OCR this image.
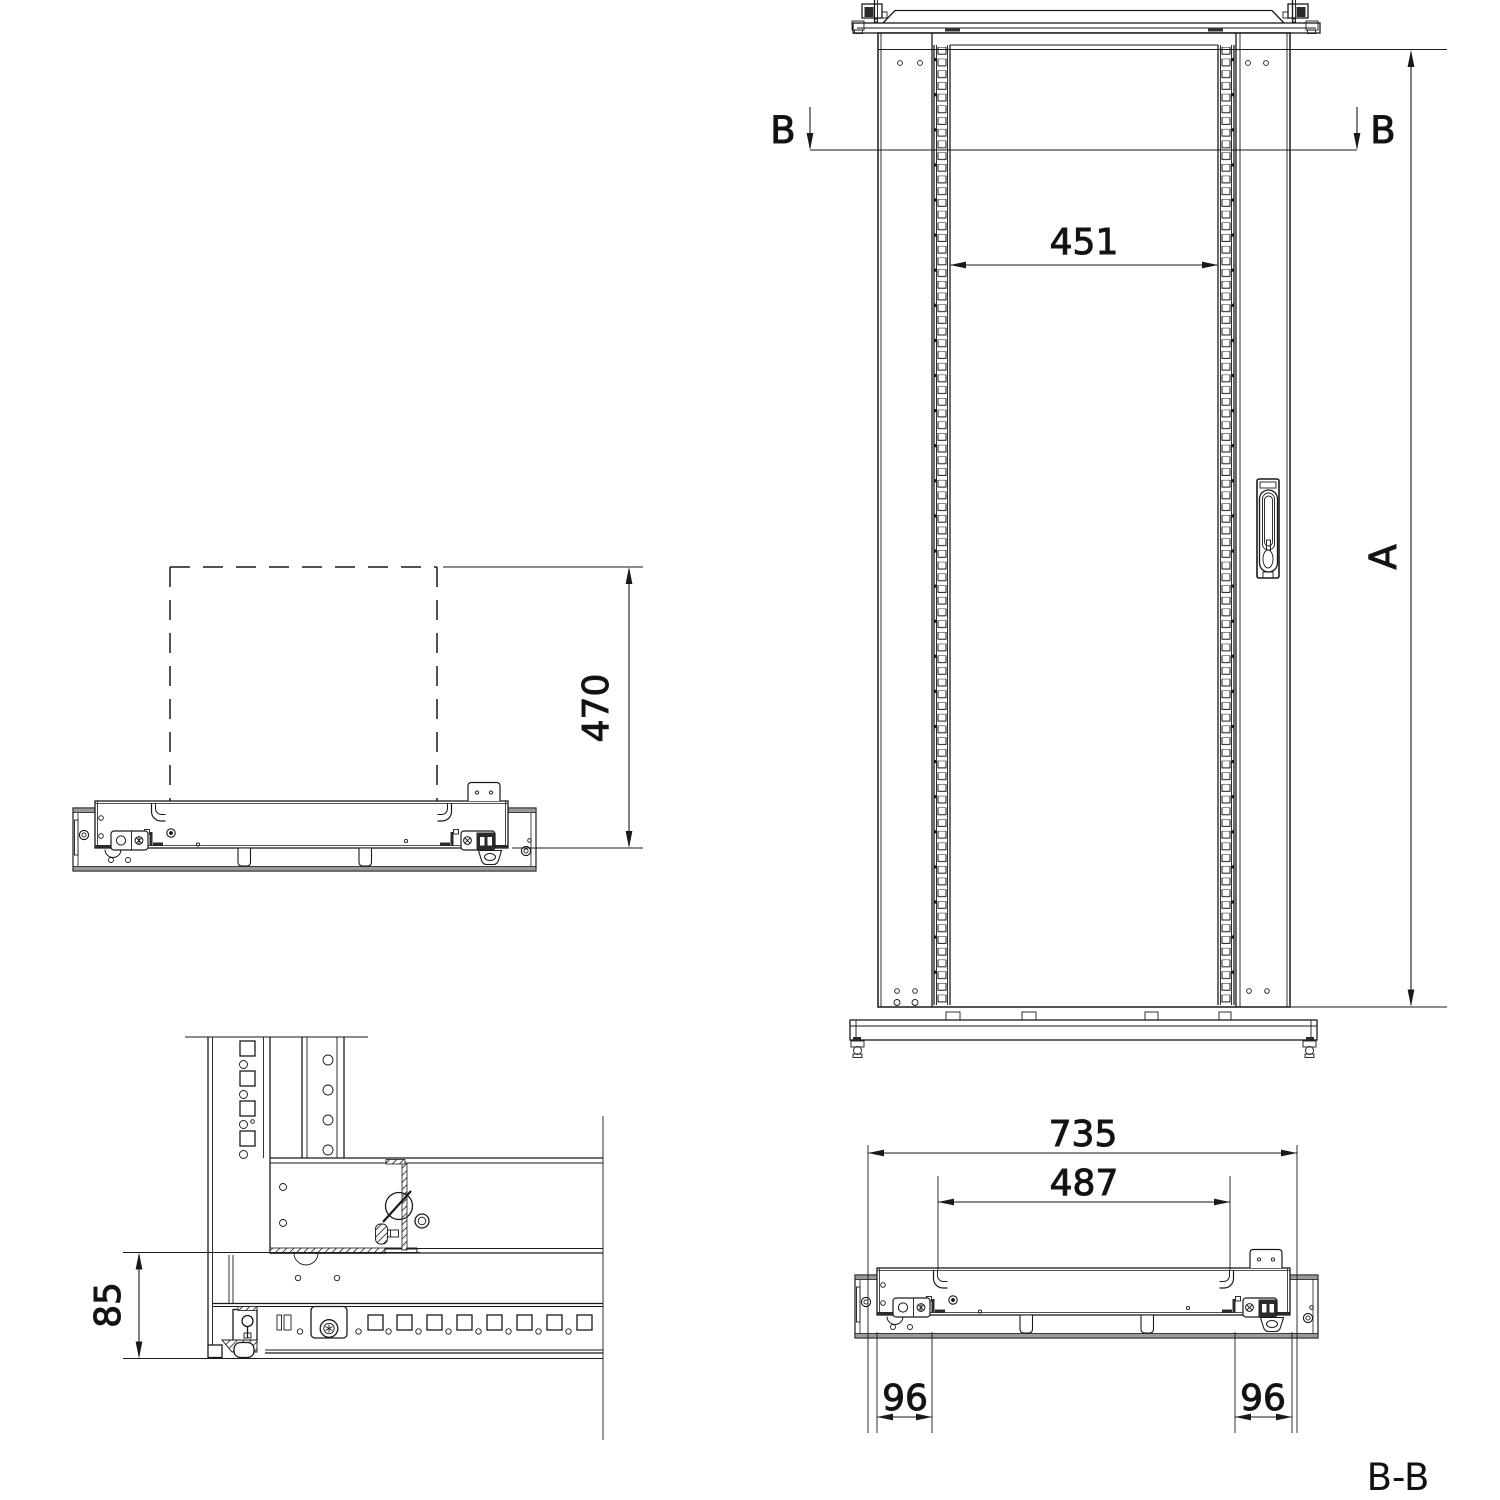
B	B
451
A
470
85
735
487
96	96
B-B
